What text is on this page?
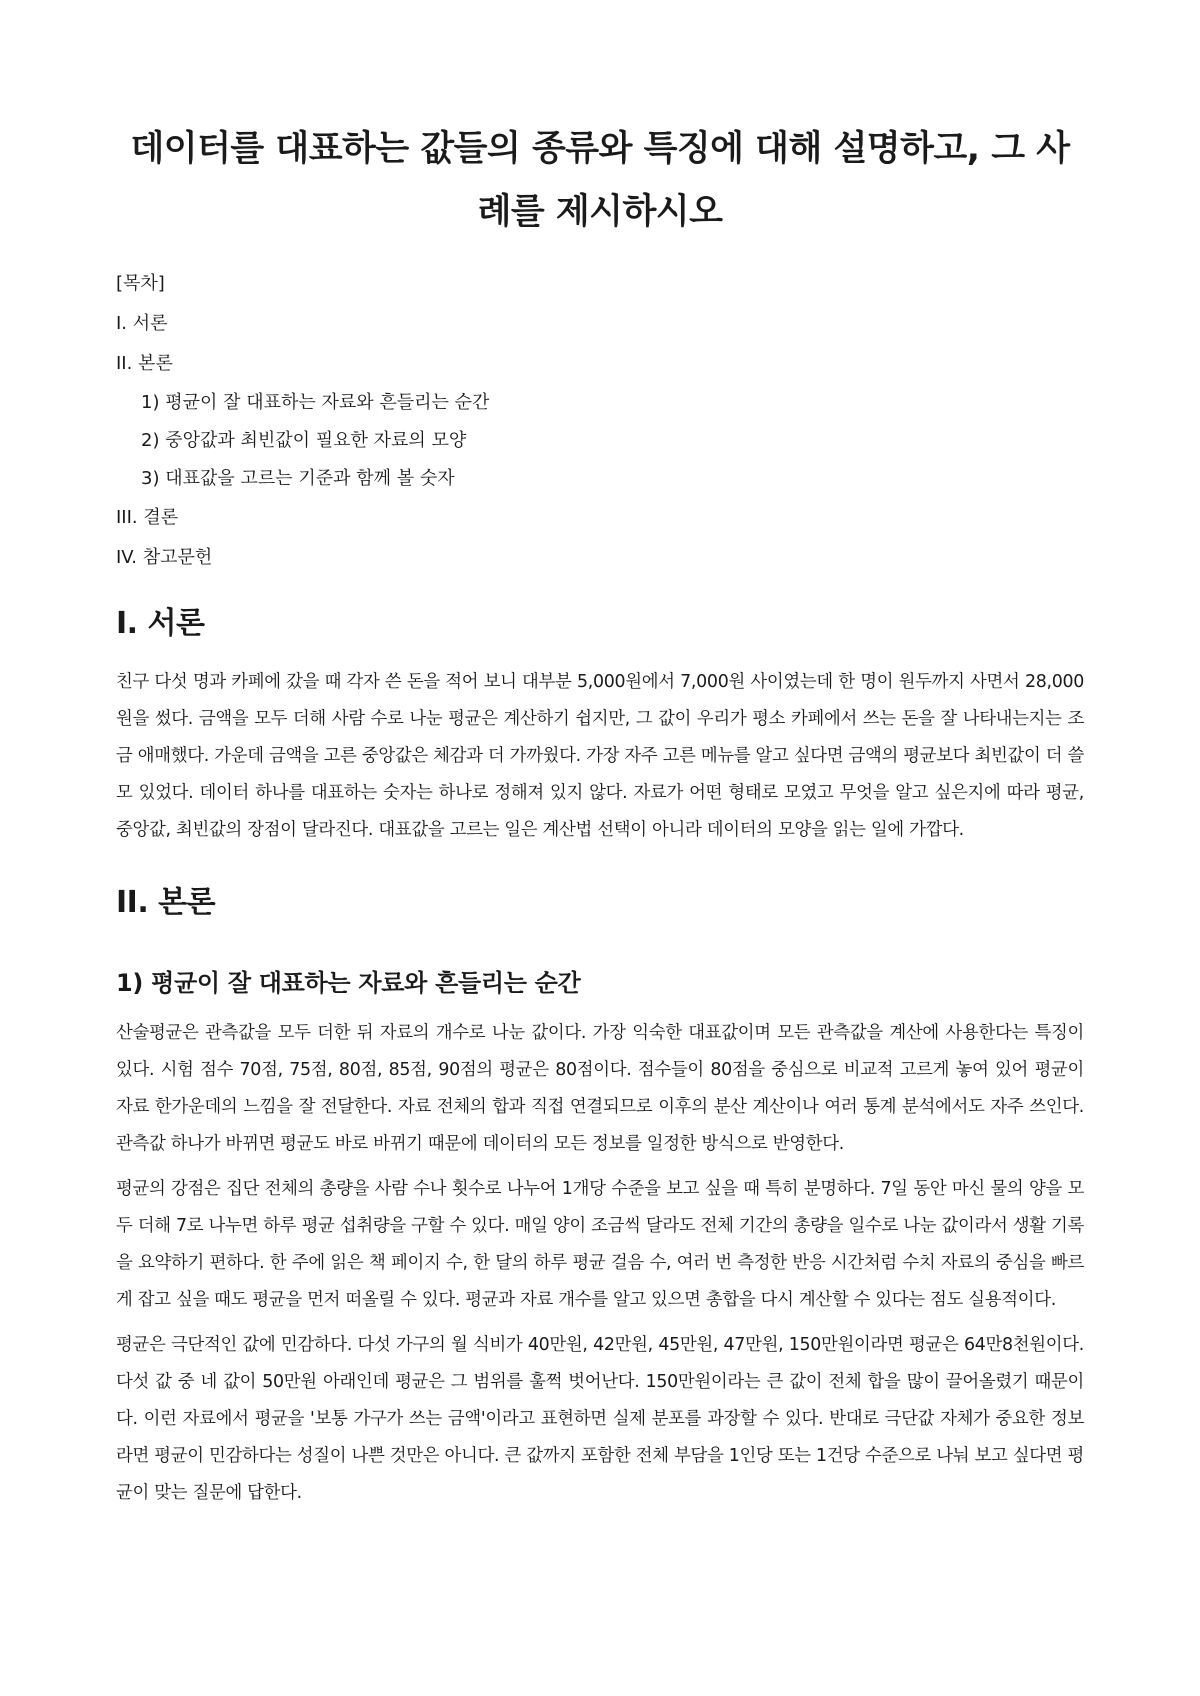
데이터를 대표하는 값들의 종류와 특징에 대해 설명하고, 그 사례를 제시하시오
[목차]
I. 서론
II. 본론
1) 평균이 잘 대표하는 자료와 흔들리는 순간
2) 중앙값과 최빈값이 필요한 자료의 모양
3) 대표값을 고르는 기준과 함께 볼 숫자
III. 결론
IV. 참고문헌
I. 서론

친구 다섯 명과 카페에 갔을 때 각자 쓴 돈을 적어 보니 대부분 5,000원에서 7,000원 사이였는데 한 명이 원두까지 사면서 28,000원을 썼다. 금액을 모두 더해 사람 수로 나눈 평균은 계산하기 쉽지만, 그 값이 우리가 평소 카페에서 쓰는 돈을 잘 나타내는지는 조금 애매했다. 가운데 금액을 고른 중앙값은 체감과 더 가까웠다. 가장 자주 고른 메뉴를 알고 싶다면 금액의 평균보다 최빈값이 더 쓸모 있었다. 데이터 하나를 대표하는 숫자는 하나로 정해져 있지 않다. 자료가 어떤 형태로 모였고 무엇을 알고 싶은지에 따라 평균, 중앙값, 최빈값의 장점이 달라진다. 대표값을 고르는 일은 계산법 선택이 아니라 데이터의 모양을 읽는 일에 가깝다.

II. 본론
1) 평균이 잘 대표하는 자료와 흔들리는 순간

산술평균은 관측값을 모두 더한 뒤 자료의 개수로 나눈 값이다. 가장 익숙한 대표값이며 모든 관측값을 계산에 사용한다는 특징이 있다. 시험 점수 70점, 75점, 80점, 85점, 90점의 평균은 80점이다. 점수들이 80점을 중심으로 비교적 고르게 놓여 있어 평균이 자료 한가운데의 느낌을 잘 전달한다. 자료 전체의 합과 직접 연결되므로 이후의 분산 계산이나 여러 통계 분석에서도 자주 쓰인다. 관측값 하나가 바뀌면 평균도 바로 바뀌기 때문에 데이터의 모든 정보를 일정한 방식으로 반영한다.

평균의 강점은 집단 전체의 총량을 사람 수나 횟수로 나누어 1개당 수준을 보고 싶을 때 특히 분명하다. 7일 동안 마신 물의 양을 모두 더해 7로 나누면 하루 평균 섭취량을 구할 수 있다. 매일 양이 조금씩 달라도 전체 기간의 총량을 일수로 나눈 값이라서 생활 기록을 요약하기 편하다. 한 주에 읽은 책 페이지 수, 한 달의 하루 평균 걸음 수, 여러 번 측정한 반응 시간처럼 수치 자료의 중심을 빠르게 잡고 싶을 때도 평균을 먼저 떠올릴 수 있다. 평균과 자료 개수를 알고 있으면 총합을 다시 계산할 수 있다는 점도 실용적이다.

평균은 극단적인 값에 민감하다. 다섯 가구의 월 식비가 40만원, 42만원, 45만원, 47만원, 150만원이라면 평균은 64만8천원이다. 다섯 값 중 네 값이 50만원 아래인데 평균은 그 범위를 훌쩍 벗어난다. 150만원이라는 큰 값이 전체 합을 많이 끌어올렸기 때문이다. 이런 자료에서 평균을 '보통 가구가 쓰는 금액'이라고 표현하면 실제 분포를 과장할 수 있다. 반대로 극단값 자체가 중요한 정보라면 평균이 민감하다는 성질이 나쁜 것만은 아니다. 큰 값까지 포함한 전체 부담을 1인당 또는 1건당 수준으로 나눠 보고 싶다면 평균이 맞는 질문에 답한다.
